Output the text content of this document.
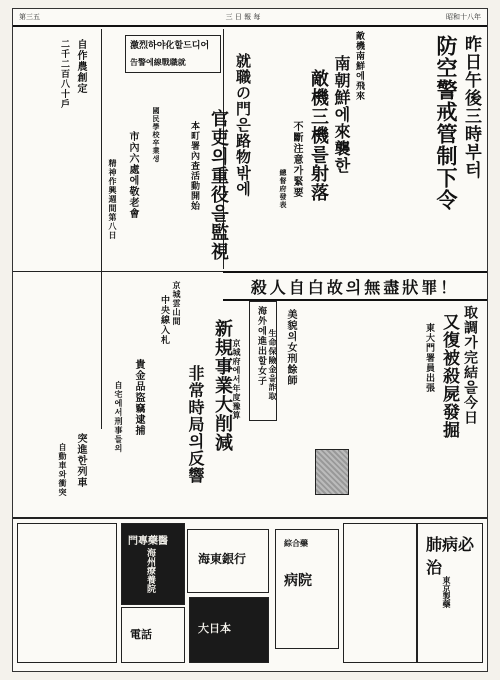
第三五	三 日 報 每	昭和十八年
昨日午後三時부터
防空警戒管制下令
敵機南鮮에飛來
南朝鮮에來襲한
敵機三機를射落
不斷注意가緊要
總督府發表
激烈하야化할드디어
告警에線戰職就	就職の門은路物밖에
官吏의重役을監視
本町署內査活動開始
國民學校卒業생
市內六處에敬老會
精神作興週間第八日
自作農創定
二千二百八十戶
殺人自白故의無盡狀罪！
取調가完結을今日
又復被殺屍發掘
東大門署員出張
美貌의女刑餘師
生命保險金을詐取
海外에進出할女子
新規事業大削減
非常時局의反響	京城府에서年度豫算
中央線入札 京城雲山間
貴金品盜竊逮捕
自宅에서刑事들의
突進한列車
自動車와衝突
肺病必治
東京製藥
海東銀行
病院
綜合藥
門專藥醫
海州療養院
電話	大日本
